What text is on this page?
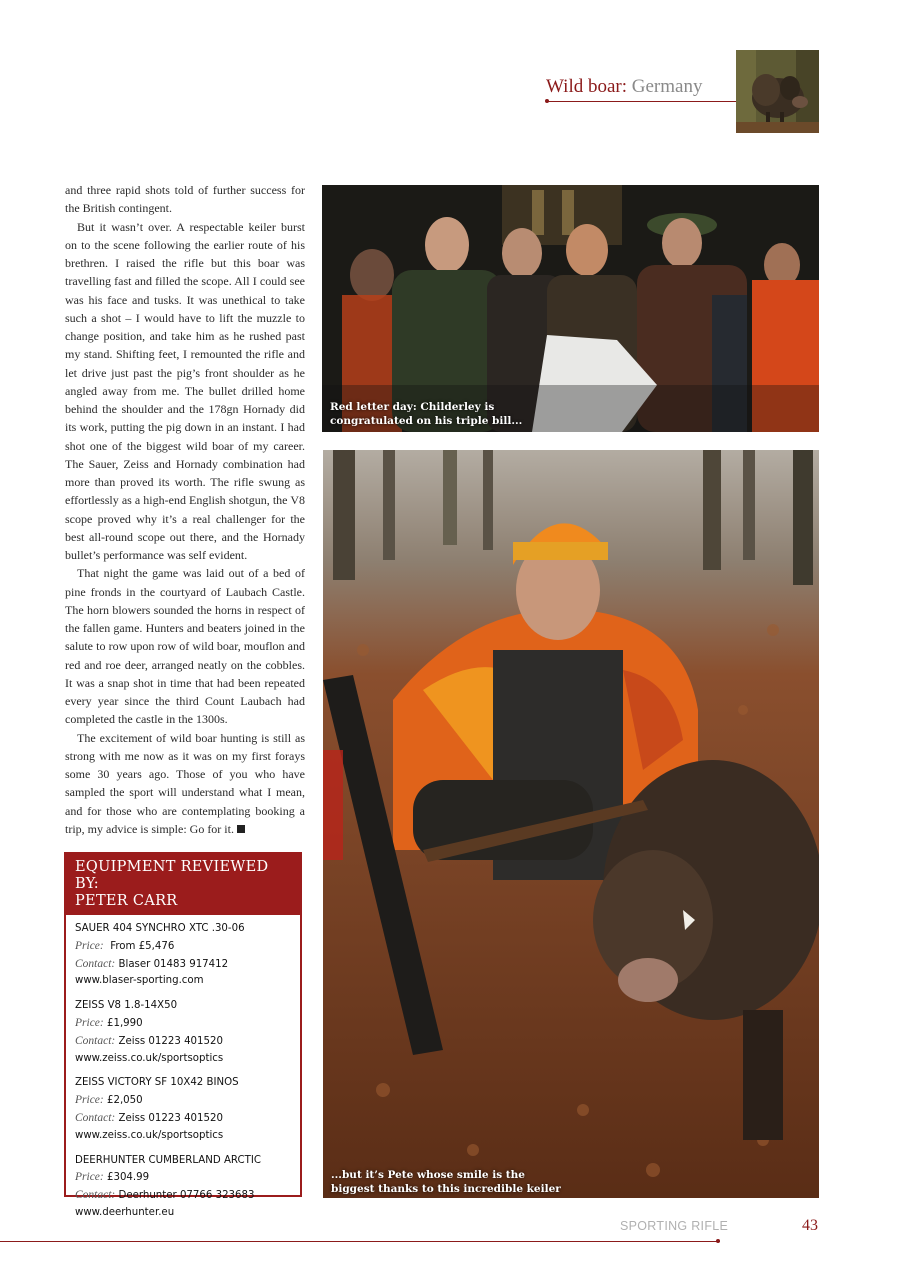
Wild boar: Germany

and three rapid shots told of further success for the British contingent.

But it wasn’t over. A respectable keiler burst on to the scene following the earlier route of his brethren. I raised the rifle but this boar was travelling fast and filled the scope. All I could see was his face and tusks. It was unethical to take such a shot – I would have to lift the muzzle to change position, and take him as he rushed past my stand. Shifting feet, I remounted the rifle and let drive just past the pig’s front shoulder as he angled away from me. The bullet drilled home behind the shoulder and the 178gn Hornady did its work, putting the pig down in an instant. I had shot one of the biggest wild boar of my career. The Sauer, Zeiss and Hornady combination had more than proved its worth. The rifle swung as effortlessly as a high-end English shotgun, the V8 scope proved why it’s a real challenger for the best all-round scope out there, and the Hornady bullet’s performance was self evident.

That night the game was laid out of a bed of pine fronds in the courtyard of Laubach Castle. The horn blowers sounded the horns in respect of the fallen game. Hunters and beaters joined in the salute to row upon row of wild boar, mouflon and red and roe deer, arranged neatly on the cobbles. It was a snap shot in time that had been repeated every year since the third Count Laubach had completed the castle in the 1300s.

The excitement of wild boar hunting is still as strong with me now as it was on my first forays some 30 years ago. Those of you who have sampled the sport will understand what I mean, and for those who are contemplating booking a trip, my advice is simple: Go for it.

EQUIPMENT REVIEWED BY:
PETER CARR
SAUER 404 SYNCHRO XTC .30-06
Price: From £5,476
Contact: Blaser 01483 917412
www.blaser-sporting.com
ZEISS V8 1.8-14X50
Price: £1,990
Contact: Zeiss 01223 401520
www.zeiss.co.uk/sportsoptics
ZEISS VICTORY SF 10X42 BINOS
Price: £2,050
Contact: Zeiss 01223 401520
www.zeiss.co.uk/sportsoptics
DEERHUNTER CUMBERLAND ARCTIC
Price: £304.99
Contact: Deerhunter 07766 323683
www.deerhunter.eu
Red letter day: Childerley is
congratulated on his triple bill...
...but it’s Pete whose smile is the
biggest thanks to this incredible keiler
SPORTING RIFLE	43
